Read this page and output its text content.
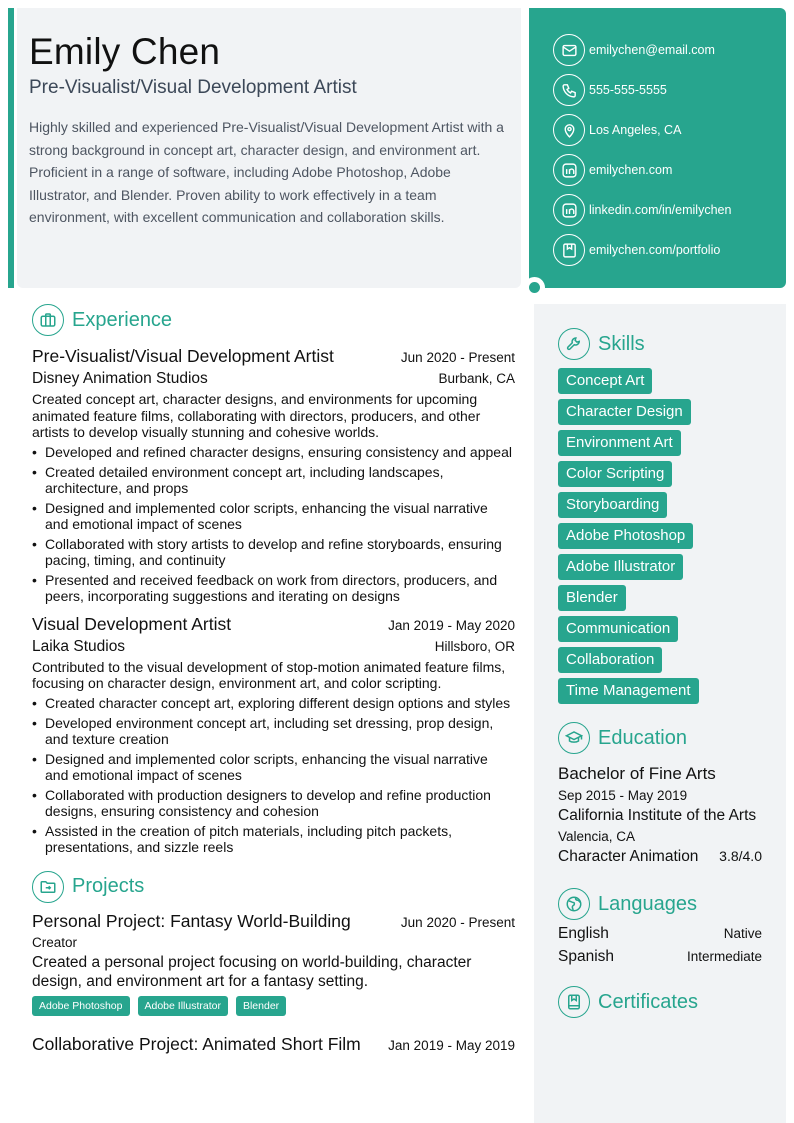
Emily Chen
Pre-Visualist/Visual Development Artist
Highly skilled and experienced Pre-Visualist/Visual Development Artist with a strong background in concept art, character design, and environment art. Proficient in a range of software, including Adobe Photoshop, Adobe Illustrator, and Blender. Proven ability to work effectively in a team environment, with excellent communication and collaboration skills.
emilychen@email.com
555-555-5555
Los Angeles, CA
emilychen.com
linkedin.com/in/emilychen
emilychen.com/portfolio
Experience
Pre-Visualist/Visual Development Artist	Jun 2020 - Present
Disney Animation Studios	Burbank, CA
Created concept art, character designs, and environments for upcoming animated feature films, collaborating with directors, producers, and other artists to develop visually stunning and cohesive worlds.
• Developed and refined character designs, ensuring consistency and appeal
• Created detailed environment concept art, including landscapes, architecture, and props
• Designed and implemented color scripts, enhancing the visual narrative and emotional impact of scenes
• Collaborated with story artists to develop and refine storyboards, ensuring pacing, timing, and continuity
• Presented and received feedback on work from directors, producers, and peers, incorporating suggestions and iterating on designs
Visual Development Artist	Jan 2019 - May 2020
Laika Studios	Hillsboro, OR
Contributed to the visual development of stop-motion animated feature films, focusing on character design, environment art, and color scripting.
• Created character concept art, exploring different design options and styles
• Developed environment concept art, including set dressing, prop design, and texture creation
• Designed and implemented color scripts, enhancing the visual narrative and emotional impact of scenes
• Collaborated with production designers to develop and refine production designs, ensuring consistency and cohesion
• Assisted in the creation of pitch materials, including pitch packets, presentations, and sizzle reels
Projects
Personal Project: Fantasy World-Building	Jun 2020 - Present
Creator
Created a personal project focusing on world-building, character design, and environment art for a fantasy setting.
Adobe Photoshop	Adobe Illustrator	Blender
Collaborative Project: Animated Short Film Jan 2019 - May 2019
Skills
Concept Art
Character Design
Environment Art
Color Scripting
Storyboarding
Adobe Photoshop
Adobe Illustrator
Blender
Communication
Collaboration
Time Management
Education
Bachelor of Fine Arts
Sep 2015 - May 2019
California Institute of the Arts
Valencia, CA
Character Animation 3.8/4.0
Languages
English	Native
Spanish	Intermediate
Certificates
